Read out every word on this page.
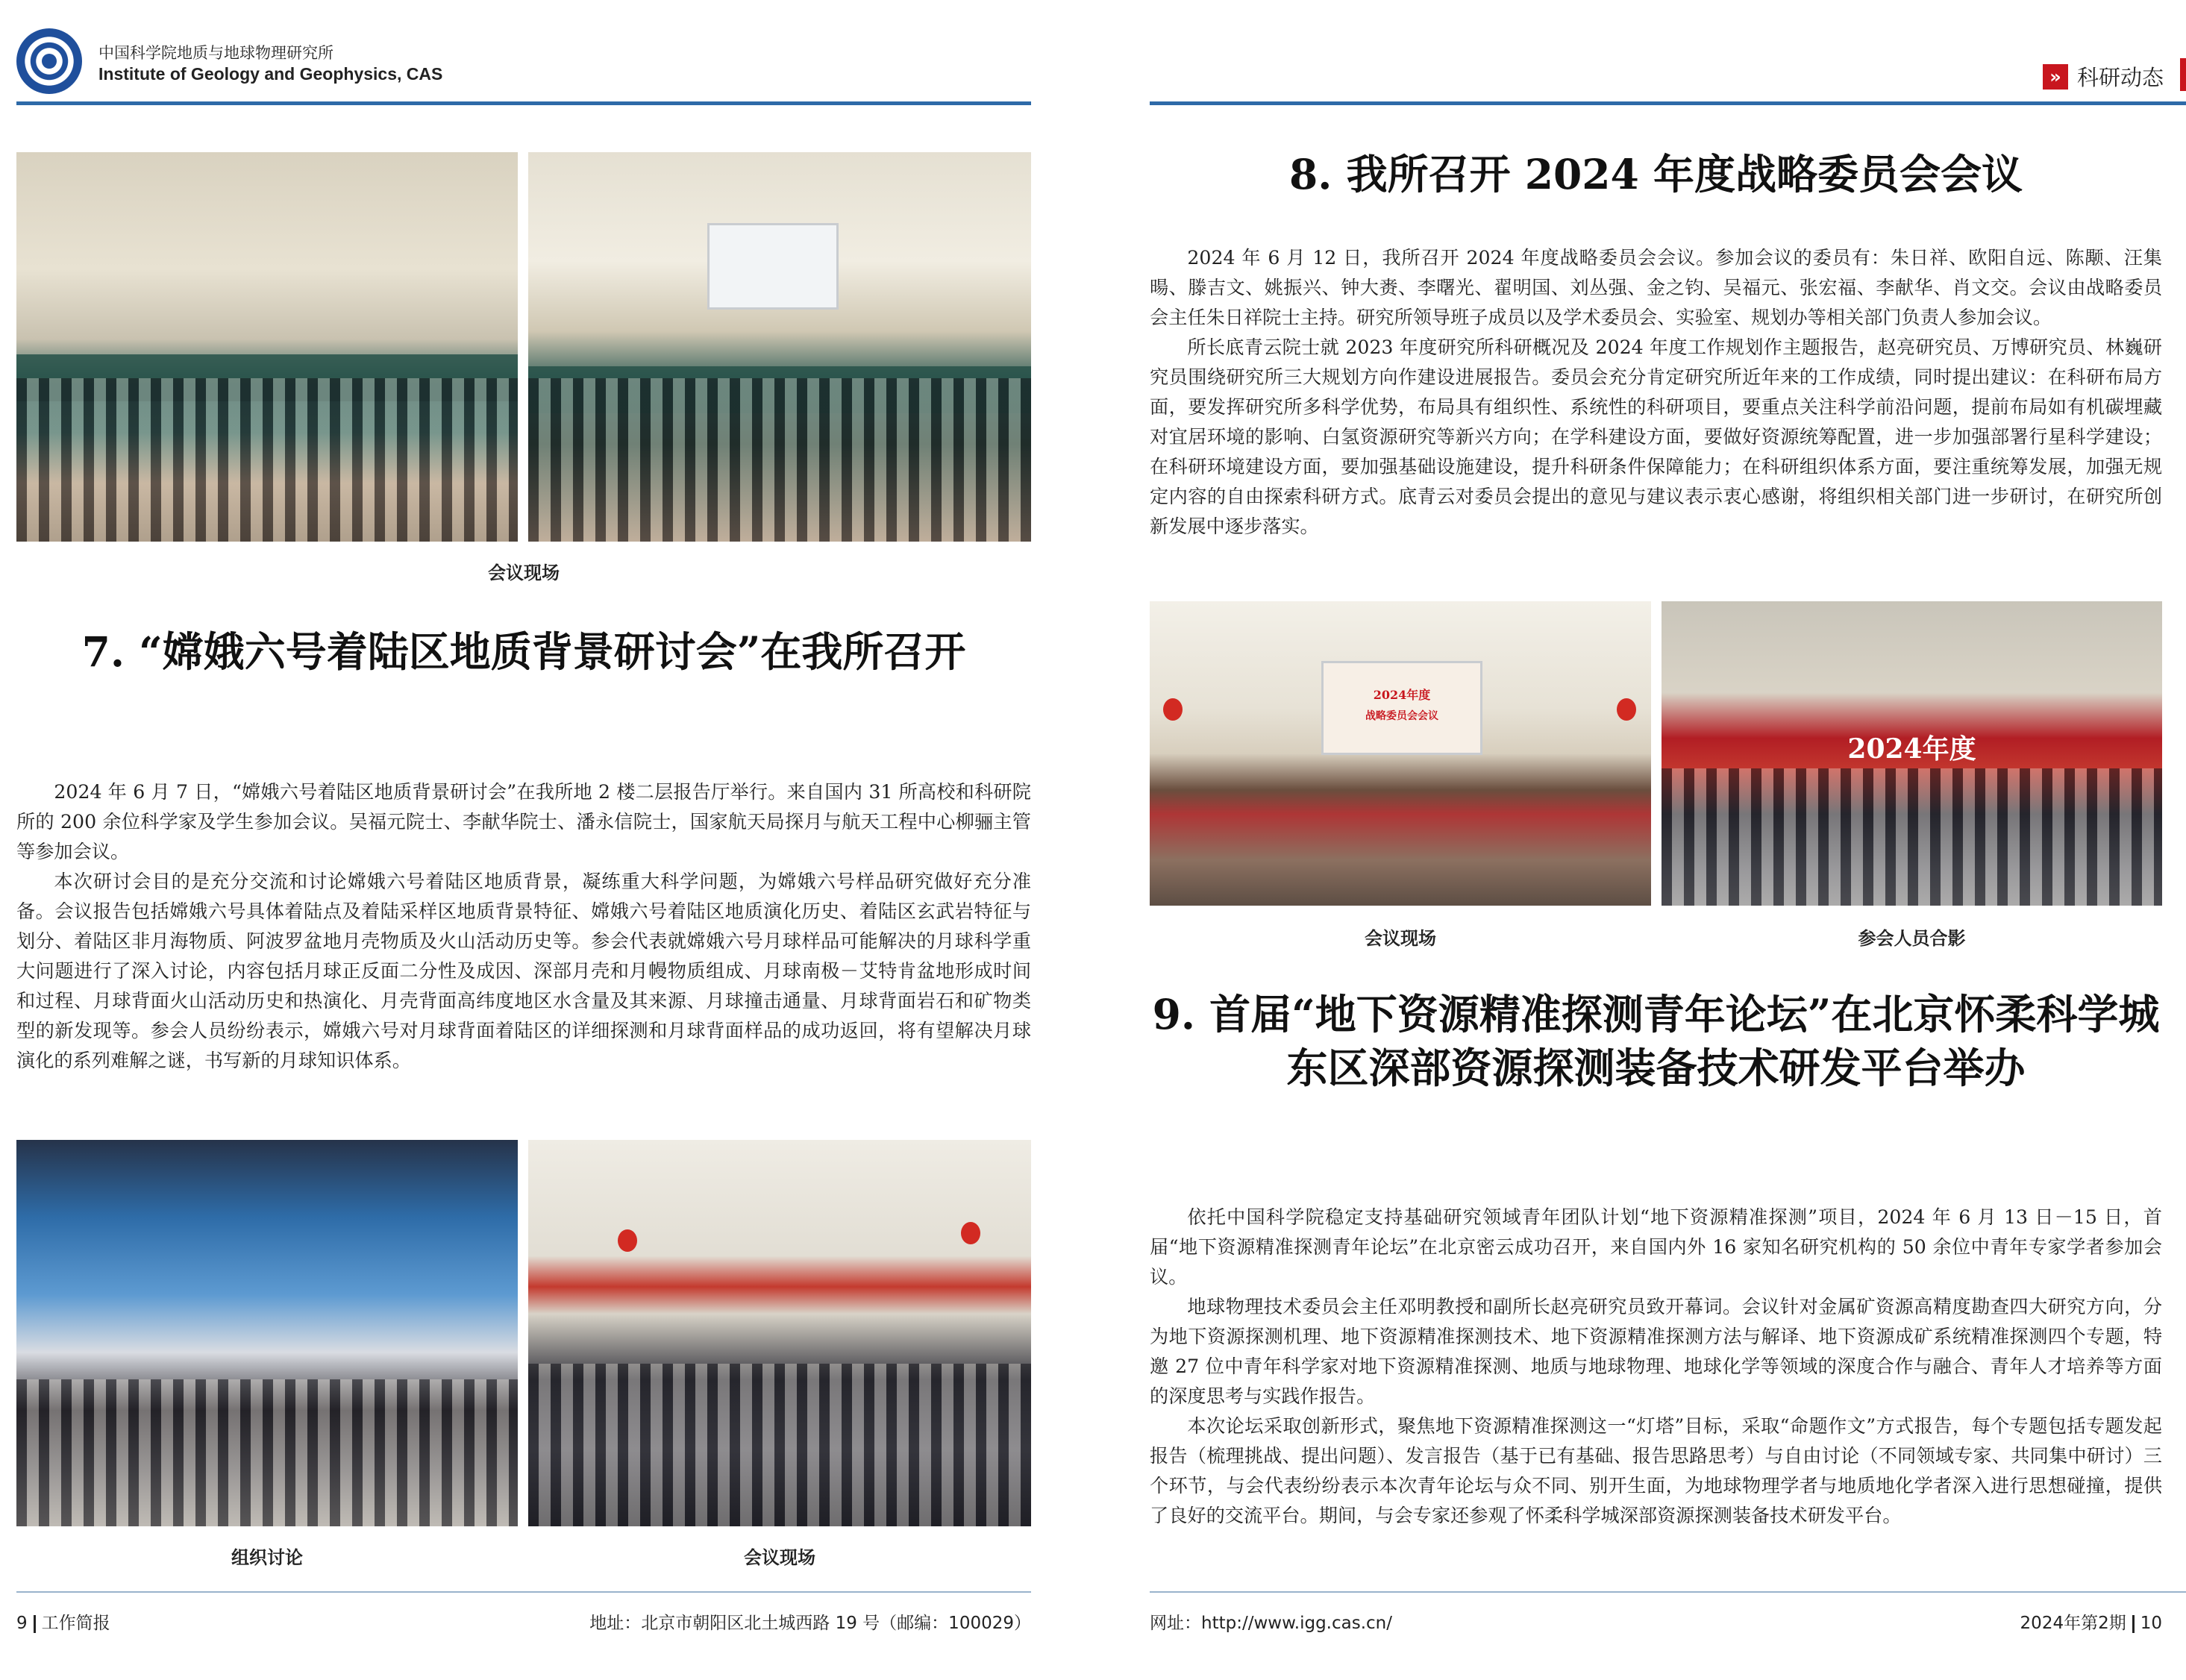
中国科学院地质与地球物理研究所
Institute of Geology and Geophysics, CAS
会议现场
7. “嫦娥六号着陆区地质背景研讨会”在我所召开

2024 年 6 月 7 日，“嫦娥六号着陆区地质背景研讨会”在我所地 2 楼二层报告厅举行。来自国内 31 所高校和科研院所的 200 余位科学家及学生参加会议。吴福元院士、李献华院士、潘永信院士，国家航天局探月与航天工程中心柳骊主管等参加会议。

本次研讨会目的是充分交流和讨论嫦娥六号着陆区地质背景，凝练重大科学问题，为嫦娥六号样品研究做好充分准备。会议报告包括嫦娥六号具体着陆点及着陆采样区地质背景特征、嫦娥六号着陆区地质演化历史、着陆区玄武岩特征与划分、着陆区非月海物质、阿波罗盆地月壳物质及火山活动历史等。参会代表就嫦娥六号月球样品可能解决的月球科学重大问题进行了深入讨论，内容包括月球正反面二分性及成因、深部月壳和月幔物质组成、月球南极－艾特肯盆地形成时间和过程、月球背面火山活动历史和热演化、月壳背面高纬度地区水含量及其来源、月球撞击通量、月球背面岩石和矿物类型的新发现等。参会人员纷纷表示，嫦娥六号对月球背面着陆区的详细探测和月球背面样品的成功返回，将有望解决月球演化的系列难解之谜，书写新的月球知识体系。

组织讨论	会议现场
9 工作简报	地址：北京市朝阳区北土城西路 19 号（邮编：100029）
» 科研动态
8. 我所召开 2024 年度战略委员会会议

2024 年 6 月 12 日，我所召开 2024 年度战略委员会会议。参加会议的委员有：朱日祥、欧阳自远、陈颙、汪集暘、滕吉文、姚振兴、钟大赉、李曙光、翟明国、刘丛强、金之钧、吴福元、张宏福、李献华、肖文交。会议由战略委员会主任朱日祥院士主持。研究所领导班子成员以及学术委员会、实验室、规划办等相关部门负责人参加会议。

所长底青云院士就 2023 年度研究所科研概况及 2024 年度工作规划作主题报告，赵亮研究员、万博研究员、林巍研究员围绕研究所三大规划方向作建设进展报告。委员会充分肯定研究所近年来的工作成绩，同时提出建议：在科研布局方面，要发挥研究所多科学优势，布局具有组织性、系统性的科研项目，要重点关注科学前沿问题，提前布局如有机碳埋藏对宜居环境的影响、白氢资源研究等新兴方向；在学科建设方面，要做好资源统筹配置，进一步加强部署行星科学建设；在科研环境建设方面，要加强基础设施建设，提升科研条件保障能力；在科研组织体系方面，要注重统筹发展，加强无规定内容的自由探索科研方式。底青云对委员会提出的意见与建议表示衷心感谢，将组织相关部门进一步研讨，在研究所创新发展中逐步落实。

2024年度
战略委员会会议
2024年度
会议现场	参会人员合影
9. 首届“地下资源精准探测青年论坛”在北京怀柔科学城东区深部资源探测装备技术研发平台举办

依托中国科学院稳定支持基础研究领域青年团队计划“地下资源精准探测”项目，2024 年 6 月 13 日－15 日，首届“地下资源精准探测青年论坛”在北京密云成功召开，来自国内外 16 家知名研究机构的 50 余位中青年专家学者参加会议。

地球物理技术委员会主任邓明教授和副所长赵亮研究员致开幕词。会议针对金属矿资源高精度勘查四大研究方向，分为地下资源探测机理、地下资源精准探测技术、地下资源精准探测方法与解译、地下资源成矿系统精准探测四个专题，特邀 27 位中青年科学家对地下资源精准探测、地质与地球物理、地球化学等领域的深度合作与融合、青年人才培养等方面的深度思考与实践作报告。

本次论坛采取创新形式，聚焦地下资源精准探测这一“灯塔”目标，采取“命题作文”方式报告，每个专题包括专题发起报告（梳理挑战、提出问题）、发言报告（基于已有基础、报告思路思考）与自由讨论（不同领域专家、共同集中研讨）三个环节，与会代表纷纷表示本次青年论坛与众不同、别开生面，为地球物理学者与地质地化学者深入进行思想碰撞，提供了良好的交流平台。期间，与会专家还参观了怀柔科学城深部资源探测装备技术研发平台。

网址：http://www.igg.cas.cn/	2024年第2期 10
